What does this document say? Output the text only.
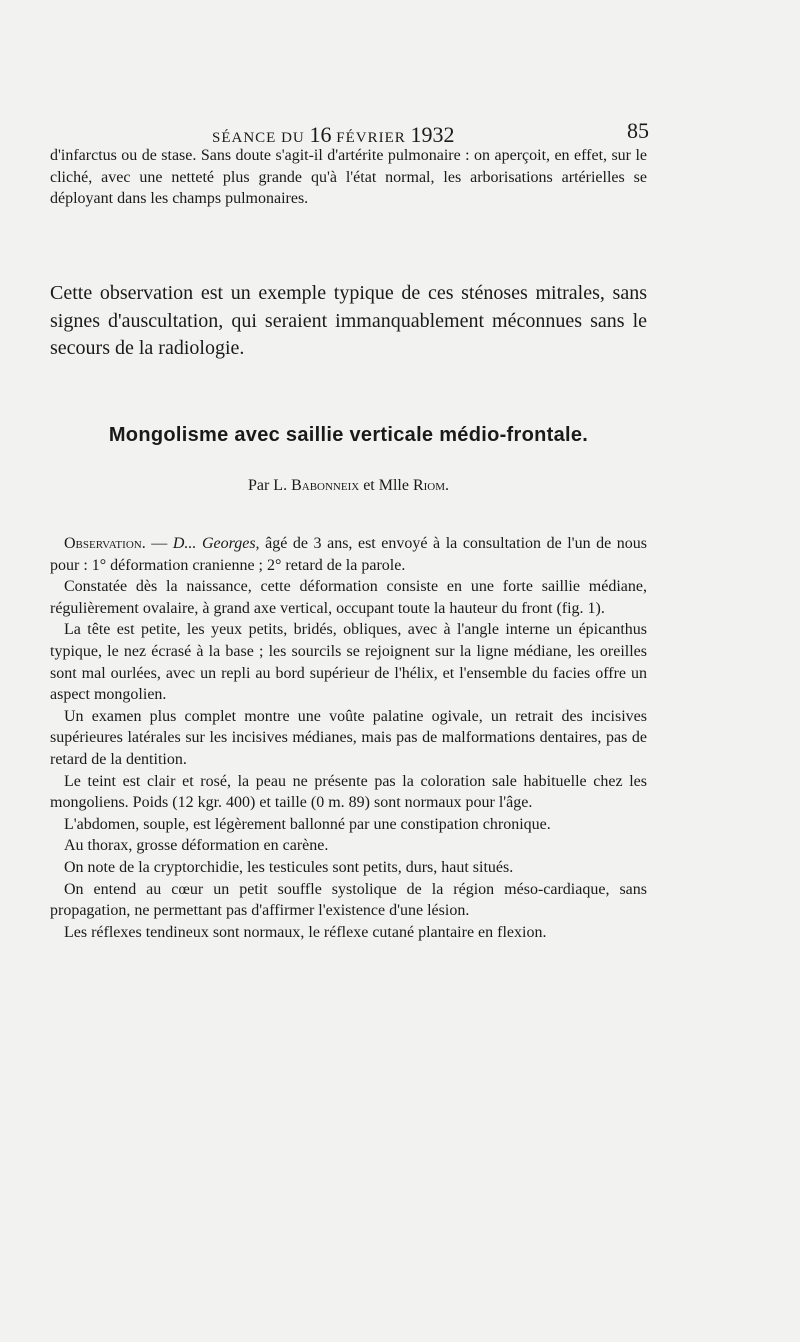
SÉANCE DU 16 FÉVRIER 1932	85
d'infarctus ou de stase. Sans doute s'agit-il d'artérite pulmonaire : on aperçoit, en effet, sur le cliché, avec une netteté plus grande qu'à l'état normal, les arborisations artérielles se déployant dans les champs pulmonaires.
Cette observation est un exemple typique de ces sténoses mitrales, sans signes d'auscultation, qui seraient immanquablement méconnues sans le secours de la radiologie.
Mongolisme avec saillie verticale médio-frontale.
Par L. Babonneix et Mlle Riom.

Observation. — D... Georges, âgé de 3 ans, est envoyé à la consultation de l'un de nous pour : 1° déformation cranienne ; 2° retard de la parole.

Constatée dès la naissance, cette déformation consiste en une forte saillie médiane, régulièrement ovalaire, à grand axe vertical, occupant toute la hauteur du front (fig. 1).

La tête est petite, les yeux petits, bridés, obliques, avec à l'angle interne un épicanthus typique, le nez écrasé à la base ; les sourcils se rejoignent sur la ligne médiane, les oreilles sont mal ourlées, avec un repli au bord supérieur de l'hélix, et l'ensemble du facies offre un aspect mongolien.

Un examen plus complet montre une voûte palatine ogivale, un retrait des incisives supérieures latérales sur les incisives médianes, mais pas de malformations dentaires, pas de retard de la dentition.

Le teint est clair et rosé, la peau ne présente pas la coloration sale habituelle chez les mongoliens. Poids (12 kgr. 400) et taille (0 m. 89) sont normaux pour l'âge.

L'abdomen, souple, est légèrement ballonné par une constipation chronique.

Au thorax, grosse déformation en carène.

On note de la cryptorchidie, les testicules sont petits, durs, haut situés.

On entend au cœur un petit souffle systolique de la région méso-cardiaque, sans propagation, ne permettant pas d'affirmer l'existence d'une lésion.

Les réflexes tendineux sont normaux, le réflexe cutané plantaire en flexion.
